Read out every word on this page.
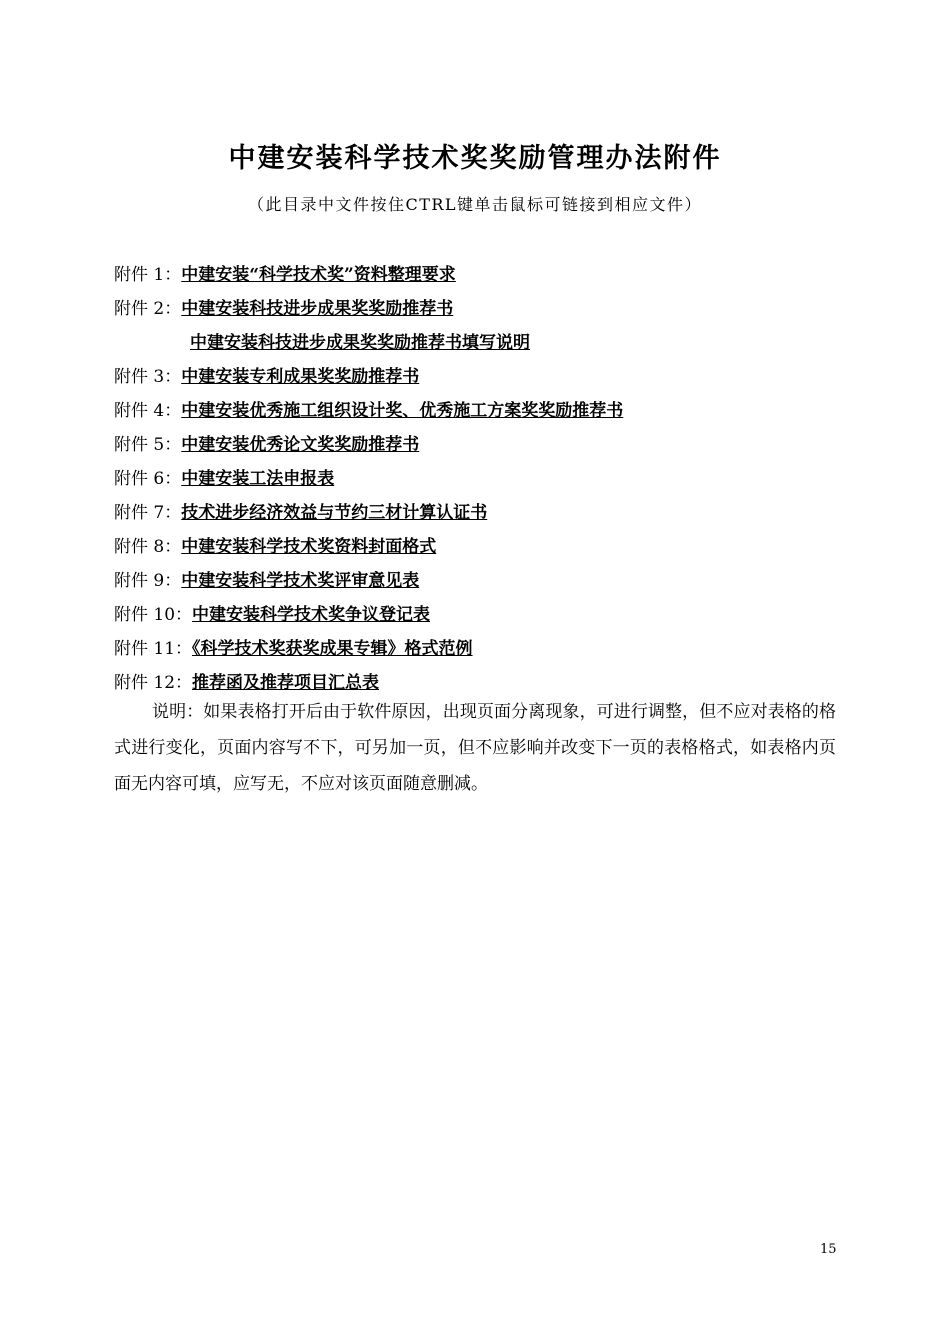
中建安装科学技术奖奖励管理办法附件
（此目录中文件按住CTRL键单击鼠标可链接到相应文件）
附件 1：中建安装“科学技术奖”资料整理要求
附件 2：中建安装科技进步成果奖奖励推荐书
中建安装科技进步成果奖奖励推荐书填写说明
附件 3：中建安装专利成果奖奖励推荐书
附件 4：中建安装优秀施工组织设计奖、优秀施工方案奖奖励推荐书
附件 5：中建安装优秀论文奖奖励推荐书
附件 6：中建安装工法申报表
附件 7：技术进步经济效益与节约三材计算认证书
附件 8：中建安装科学技术奖资料封面格式
附件 9：中建安装科学技术奖评审意见表
附件 10：中建安装科学技术奖争议登记表
附件 11：《科学技术奖获奖成果专辑》格式范例
附件 12：推荐函及推荐项目汇总表

说明：如果表格打开后由于软件原因，出现页面分离现象，可进行调整，但不应对表格的格式进行变化，页面内容写不下，可另加一页，但不应影响并改变下一页的表格格式，如表格内页面无内容可填，应写无，不应对该页面随意删减。

15
